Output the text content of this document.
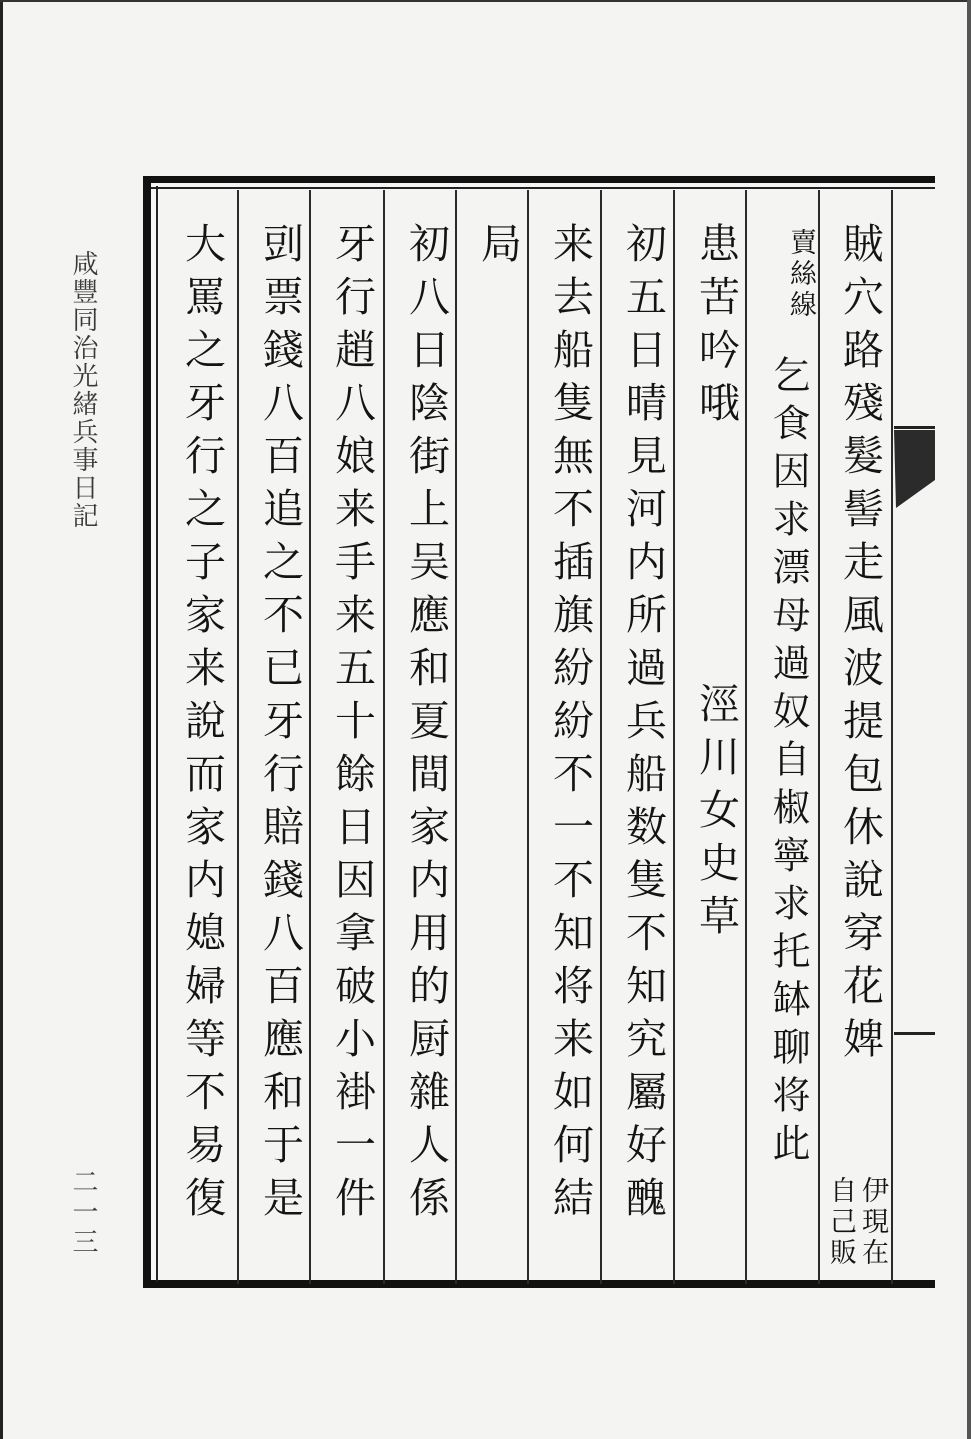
咸豐同治光緒兵事日記
二一三
賊穴路殘髮髻走風波提包休說穿花婢
伊現在自己販
賣絲線
乞食因求漂母過奴自椒寧求托缽聊将此
患苦吟哦
涇川女史草
初五日晴見河内所過兵船数隻不知究屬好醜
来去船隻無不插旗紛紛不一不知将来如何結
局
初八日陰街上吴應和夏間家内用的厨雜人係
牙行趙八娘来手来五十餘日因拿破小褂一件
剅票錢八百追之不已牙行賠錢八百應和于是
大罵之牙行之子家来說而家内媳婦等不易復
